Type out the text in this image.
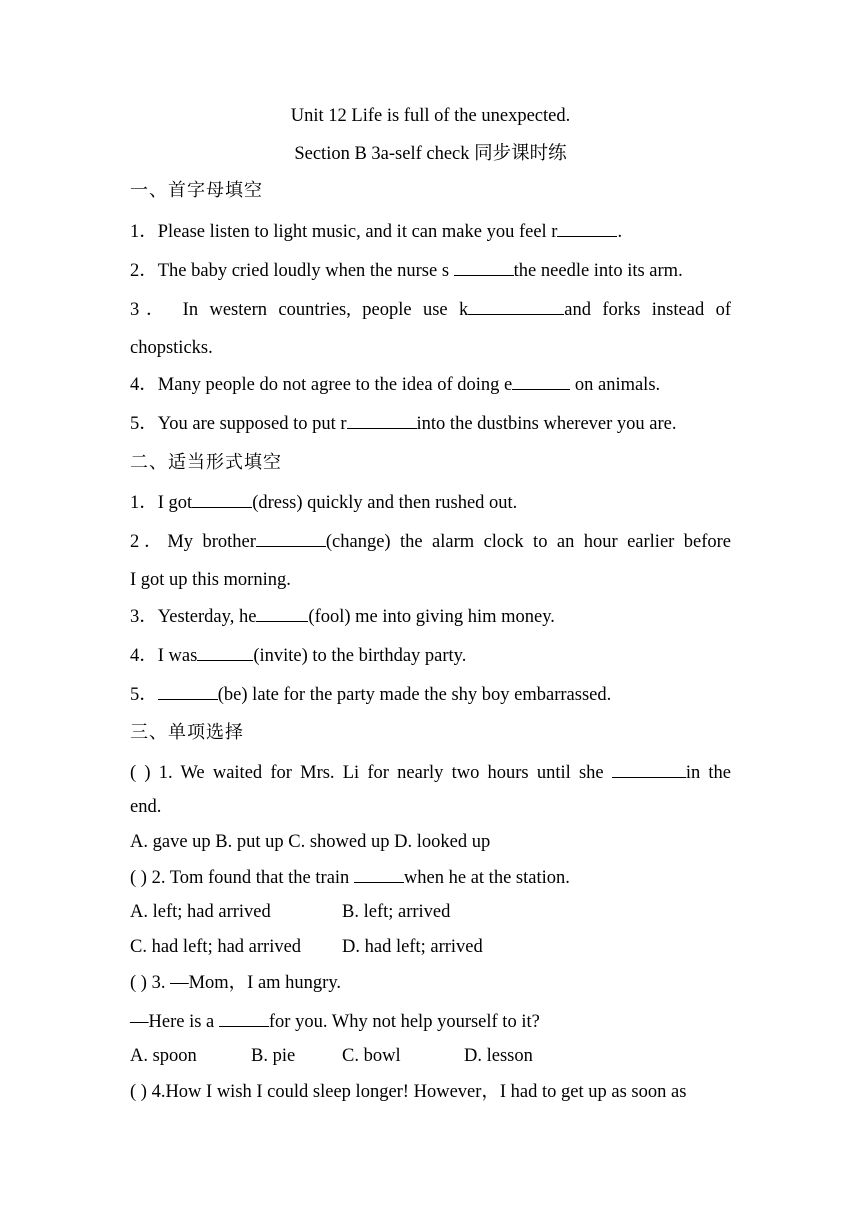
Unit 12 Life is full of the unexpected.
Section B 3a-self check 同步课时练
一、首字母填空
1．Please listen to light music, and it can make you feel r	.
2．The baby cried loudly when the nurse s	the needle into its arm.
3． In western countries, people use k	and forks instead of
chopsticks.
4．Many people do not agree to the idea of doing e	on animals.
5．You are supposed to put r	into the dustbins wherever you are.
二、适当形式填空
1．I got	(dress) quickly and then rushed out.
2．My brother	(change) the alarm clock to an hour earlier before
I got up this morning.
3．Yesterday, he	(fool) me into giving him money.
4．I was	(invite) to the birthday party.
5．	(be) late for the party made the shy boy embarrassed.
三、单项选择
( ) 1. We waited for Mrs. Li for nearly two hours until she	in the
end.
A. gave up B. put up C. showed up D. looked up
( ) 2. Tom found that the train	when he at the station.
A. left; had arrived	B. left; arrived
C. had left; had arrived D. had left; arrived
( ) 3. —Mom，I am hungry.
—Here is a	for you. Why not help yourself to it?
A. spoon	B. pie	C. bowl	D. lesson
( ) 4.How I wish I could sleep longer! However，I had to get up as soon as
